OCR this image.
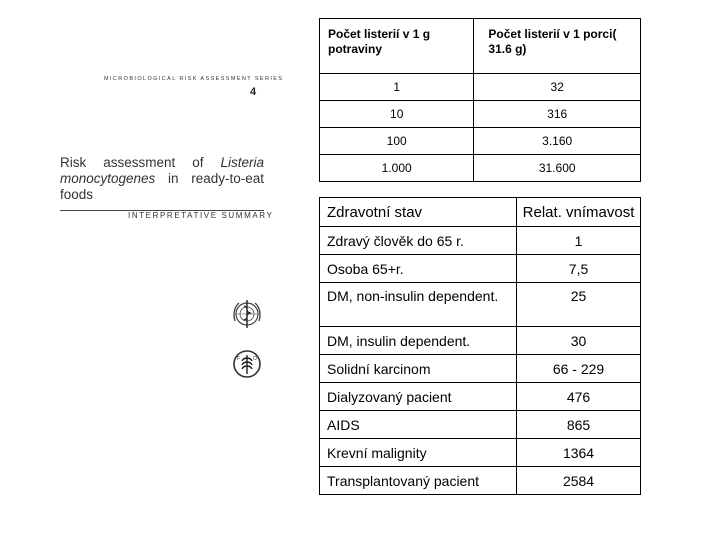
MICROBIOLOGICAL RISK ASSESSMENT SERIES
4
Risk assessment of Listeria
monocytogenes in ready-to-eat
foods
INTERPRETATIVE SUMMARY
F	O
Počet listerií v 1 g potraviny	Počet listerií v 1 porci( 31.6 g)
1	32
10	316
100	3.160
1.000	31.600
Zdravotní stav	Relat. vnímavost
Zdravý člověk do 65 r.	1
Osoba 65+r.	7,5
DM, non-insulin dependent.	25
DM, insulin dependent.	30
Solidní karcinom	66 - 229
Dialyzovaný pacient	476
AIDS	865
Krevní malignity	1364
Transplantovaný pacient	2584
